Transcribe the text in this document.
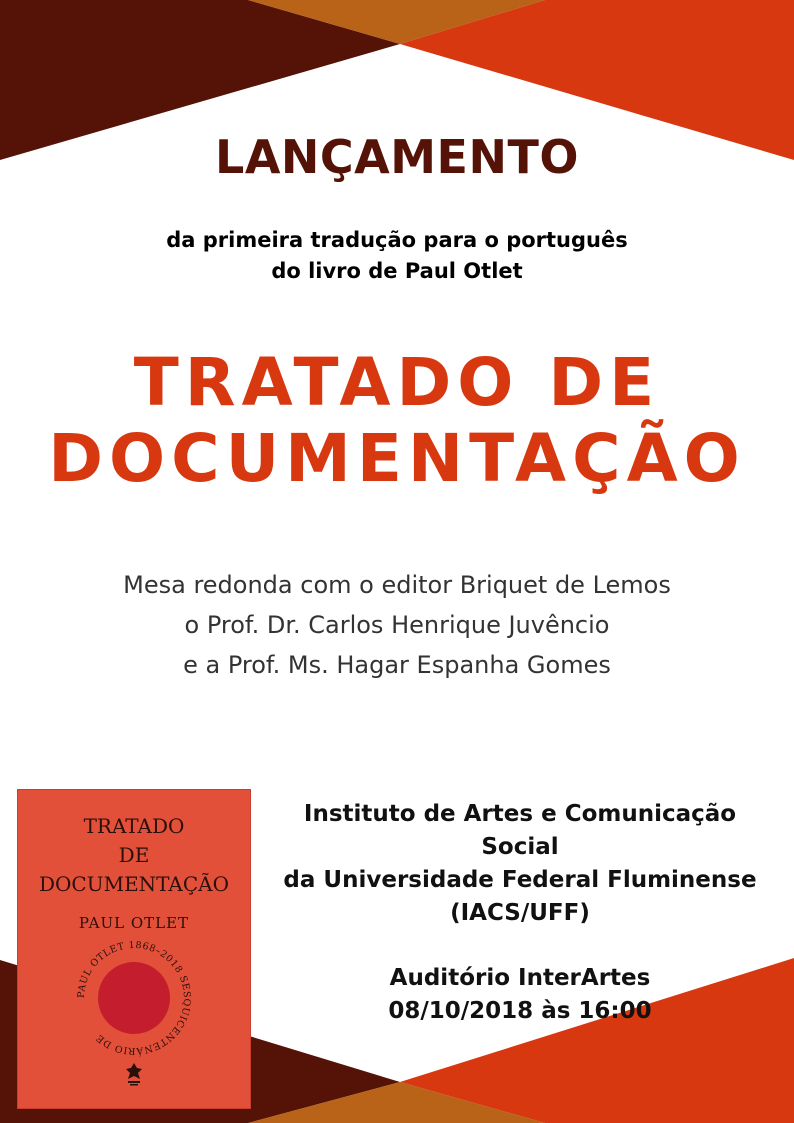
LANÇAMENTO
da primeira tradução para o português
do livro de Paul Otlet
TRATADO DE
DOCUMENTAÇÃO
Mesa redonda com o editor Briquet de Lemos
o Prof. Dr. Carlos Henrique Juvêncio
e a Prof. Ms. Hagar Espanha Gomes
TRATADO
DE
DOCUMENTAÇÃO
PAUL OTLET
PAUL OTLET 1868–2018 SESQUICENTENÁRIO DE
Instituto de Artes e Comunicação Social
da Universidade Federal Fluminense
(IACS/UFF)
Auditório InterArtes
08/10/2018 às 16:00
